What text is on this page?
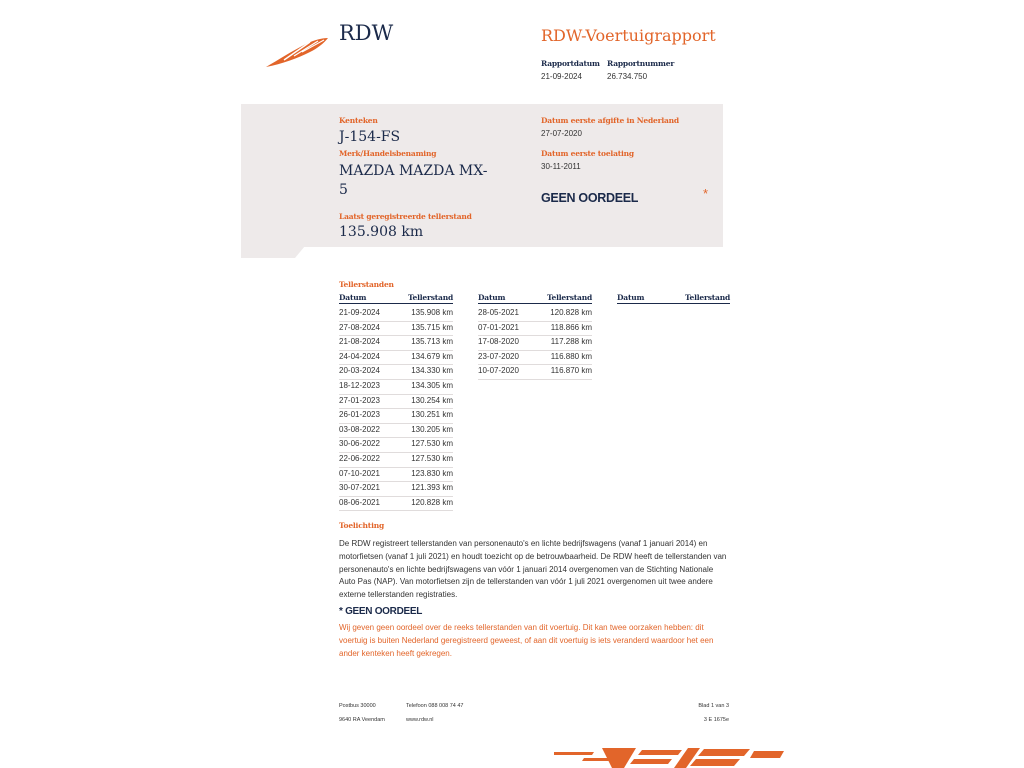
RDW	RDW-Voertuigrapport
Rapportdatum
21-09-2024
Rapportnummer
26.734.750
Kenteken
J-154-FS
Merk/Handelsbenaming
MAZDA MAZDA MX-
5
Laatst geregistreerde tellerstand
135.908 km
Datum eerste afgifte in Nederland
27-07-2020
Datum eerste toelating
30-11-2011
GEEN OORDEEL	*
Tellerstanden
Datum	Tellerstand	Datum	Tellerstand	Datum	Tellerstand
21-09-2024	135.908 km
27-08-2024	135.715 km
21-08-2024	135.713 km
24-04-2024	134.679 km
20-03-2024	134.330 km
18-12-2023	134.305 km
27-01-2023	130.254 km
26-01-2023	130.251 km
03-08-2022	130.205 km
30-06-2022	127.530 km
22-06-2022	127.530 km
07-10-2021	123.830 km
30-07-2021	121.393 km
08-06-2021	120.828 km
28-05-2021	120.828 km
07-01-2021	118.866 km
17-08-2020	117.288 km
23-07-2020	116.880 km
10-07-2020	116.870 km
Toelichting
De RDW registreert tellerstanden van personenauto's en lichte bedrijfswagens (vanaf 1 januari 2014) en motorfietsen (vanaf 1 juli 2021) en houdt toezicht op de betrouwbaarheid. De RDW heeft de tellerstanden van personenauto's en lichte bedrijfswagens van vóór 1 januari 2014 overgenomen van de Stichting Nationale Auto Pas (NAP). Van motorfietsen zijn de tellerstanden van vóór 1 juli 2021 overgenomen uit twee andere externe tellerstanden registraties.
* GEEN OORDEEL
Wij geven geen oordeel over de reeks tellerstanden van dit voertuig. Dit kan twee oorzaken hebben: dit voertuig is buiten Nederland geregistreerd geweest, of aan dit voertuig is iets veranderd waardoor het een ander kenteken heeft gekregen.
Postbus 30000
9640 RA Veendam
Telefoon 088 008 74 47
www.rdw.nl
Blad 1 van 3
3 E 1675e
